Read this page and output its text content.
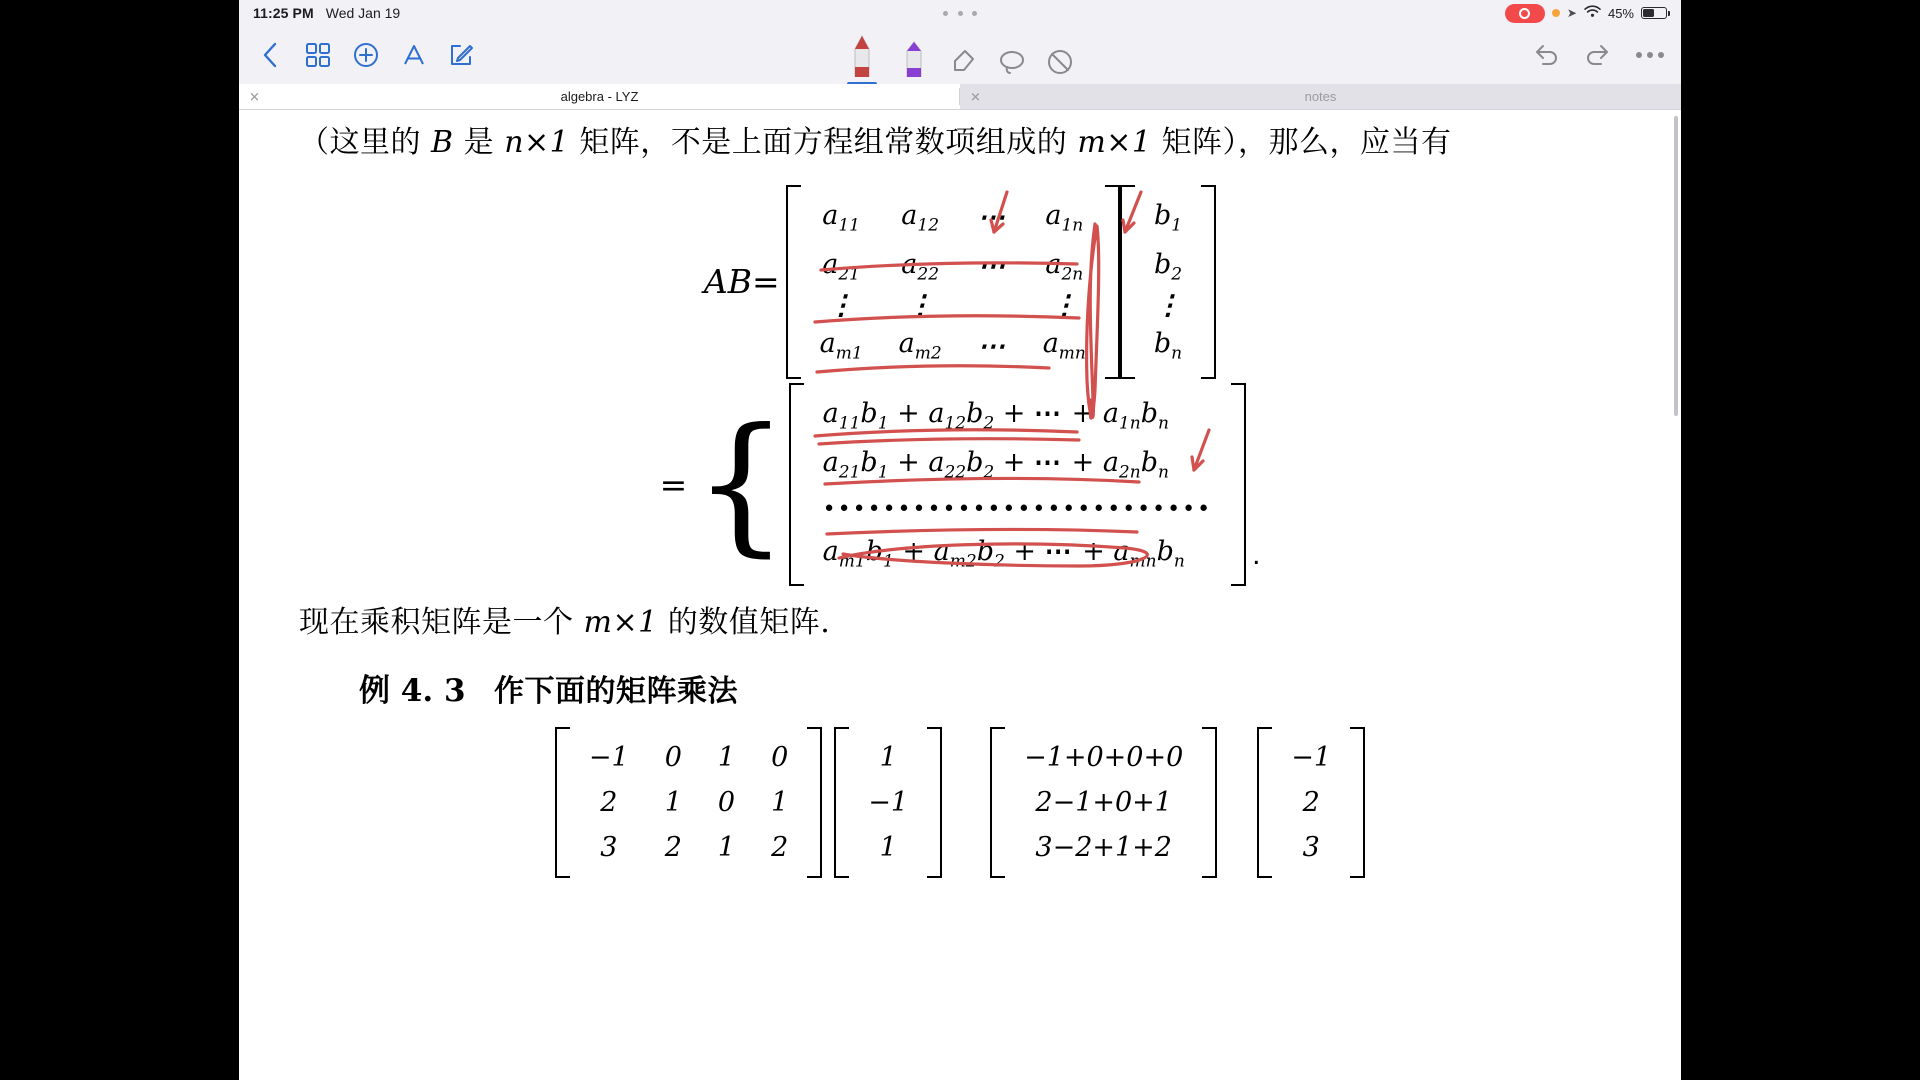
11:25 PM Wed Jan 19	➤ 45%
✕	algebra - LYZ	✕	notes
（这里的 B 是 n×1 矩阵，不是上面方程组常数项组成的 m×1 矩阵），那么，应当有
AB=
$a_{11}$	$a_{12}$	⋯	$a_{1n}$
$a_{21}$	$a_{22}$	⋯	$a_{2n}$
⋮	⋮		⋮
$a_{m1}$	$a_{m2}$	⋯	$a_{mn}$
$b_1$
$b_2$
⋮
$b_n$
= { $a_{11}b_1 + a_{12}b_2$ + ⋯ + $a_{1n}b_n$
$a_{21}b_1 + a_{22}b_2$ + ⋯ + $a_{2n}b_n$
••••••••••••••••••••••••••
$a_{m1}b_1 + a_{m2}b_2$ + ⋯ + $a_{mn}b_n$ .
现在乘积矩阵是一个 m×1 的数值矩阵.
例 4. 3 作下面的矩阵乘法
−1	0	1	0
2	1	0	1
3	2	1	2
1
−1
1
−1+0+0+0
2−1+0+1
3−2+1+2
−1
2
3
